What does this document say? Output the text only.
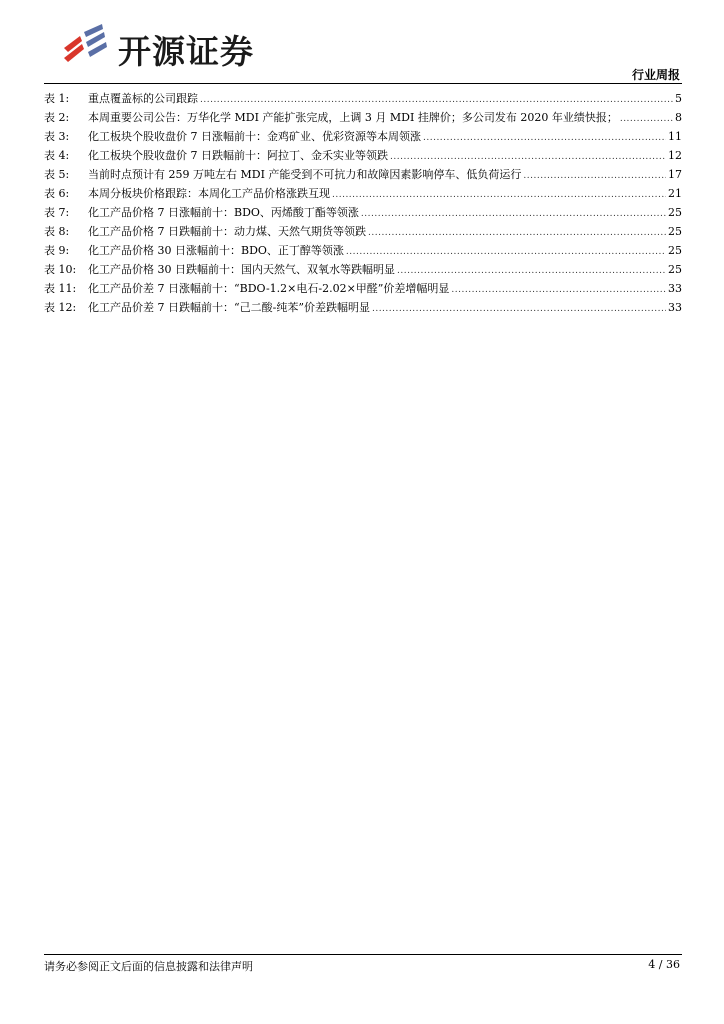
开源证券
行业周报
表 1:	重点覆盖标的公司跟踪 .....	5
表 2:	本周重要公司公告：万华化学 MDI 产能扩张完成，上调 3 月 MDI 挂牌价；多公司发布 2020 年业绩快报； .....	8
表 3:	化工板块个股收盘价 7 日涨幅前十：金鸡矿业、优彩资源等本周领涨 .....	11
表 4:	化工板块个股收盘价 7 日跌幅前十：阿拉丁、金禾实业等领跌 .....	12
表 5:	当前时点预计有 259 万吨左右 MDI 产能受到不可抗力和故障因素影响停车、低负荷运行 .....	17
表 6:	本周分板块价格跟踪：本周化工产品价格涨跌互现 .....	21
表 7:	化工产品价格 7 日涨幅前十：BDO、丙烯酸丁酯等领涨 .....	25
表 8:	化工产品价格 7 日跌幅前十：动力煤、天然气期货等领跌 .....	25
表 9:	化工产品价格 30 日涨幅前十：BDO、正丁醇等领涨 .....	25
表 10:	化工产品价格 30 日跌幅前十：国内天然气、双氧水等跌幅明显 .....	25
表 11:	化工产品价差 7 日涨幅前十：“BDO-1.2×电石-2.02×甲醛”价差增幅明显 .....	33
表 12:	化工产品价差 7 日跌幅前十：“己二酸-纯苯”价差跌幅明显 .....	33
请务必参阅正文后面的信息披露和法律声明	4 / 36
